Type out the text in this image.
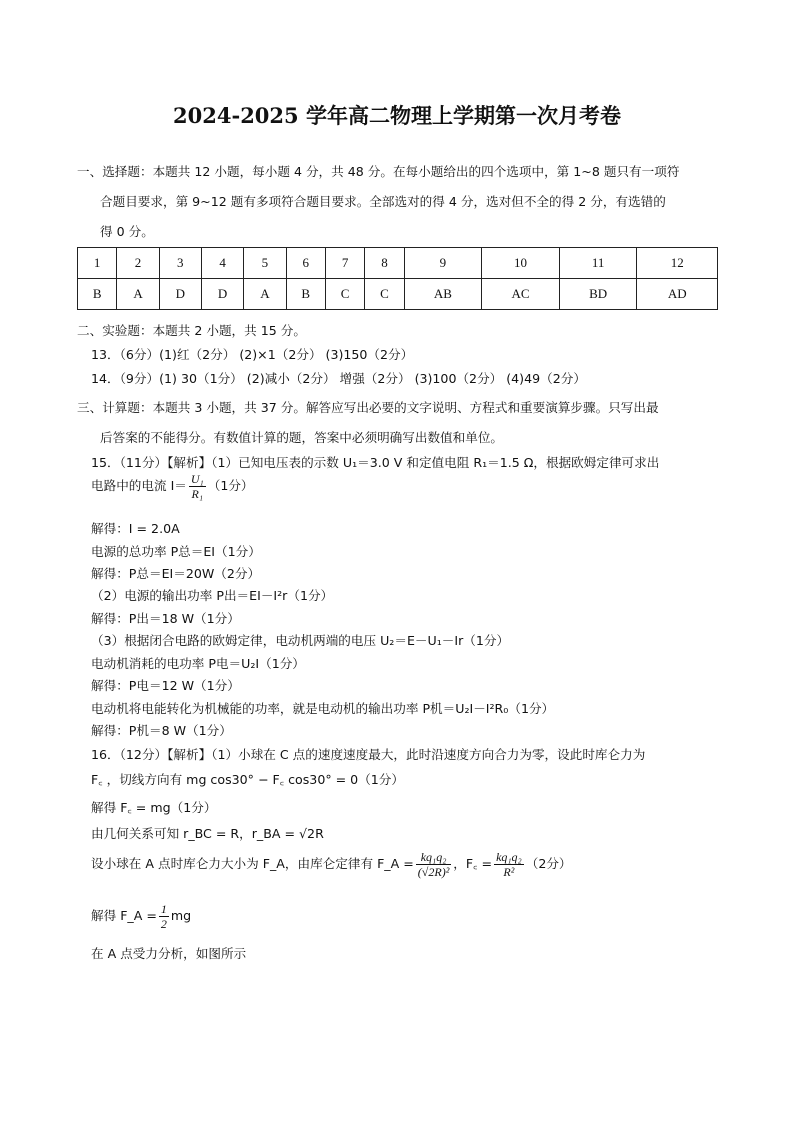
2024-2025 学年高二物理上学期第一次月考卷
一、选择题：本题共 12 小题，每小题 4 分，共 48 分。在每小题给出的四个选项中，第 1~8 题只有一项符
合题目要求，第 9~12 题有多项符合题目要求。全部选对的得 4 分，选对但不全的得 2 分，有选错的
得 0 分。
1	2	3	4	5	6	7	8	9	10	11	12
B	A	D	D	A	B	C	C	AB	AC	BD	AD
二、实验题：本题共 2 小题，共 15 分。
13．（6分）(1)红（2分） (2)×1（2分） (3)150（2分）
14．（9分）(1) 30（1分） (2)减小（2分） 增强（2分） (3)100（2分） (4)49（2分）
三、计算题：本题共 3 小题，共 37 分。解答应写出必要的文字说明、方程式和重要演算步骤。只写出最
后答案的不能得分。有数值计算的题，答案中必须明确写出数值和单位。
15．（11分）【解析】（1）已知电压表的示数 U₁＝3.0 V 和定值电阻 R₁＝1.5 Ω，根据欧姆定律可求出
电路中的电流 $I= \frac{\text{U₁}}{\text{R₁}} (1$分）
解得：I = 2.0A
电源的总功率 P总＝EI（1分）
解得：P总＝EI＝20W（2分）
（2）电源的输出功率 P出＝EI－I²r（1分）
解得：P出＝18 W（1分）
（3）根据闭合电路的欧姆定律，电动机两端的电压 U₂＝E－U₁－Ir（1分）
电动机消耗的电功率 P电＝U₂I（1分）
解得：P电＝12 W（1分）
电动机将电能转化为机械能的功率，就是电动机的输出功率 P机＝U₂I－I²R₀（1分）
解得：P机＝8 W（1分）
16．（12分）【解析】（1）小球在 C 点的速度速度最大，此时沿速度方向合力为零，设此时库仑力为
F꜀ ，切线方向有 mg cos30° − F꜀ cos30° = 0（1分）
解得 F꜀ = mg（1分）
由几何关系可知 r_BC = R，r_BA = √2R
设小球在 A 点时库仑力大小为 F_A，由库仑定律有 F_A = $\frac{\text{kq₁q₂}}{\text{(√2R)²}}$ ，F꜀ = $\frac{\text{kq₁q₂}}{\text{R²}} (2$分）
解得 F_A = $\frac{1}{2}$ mg
在 A 点受力分析，如图所示
